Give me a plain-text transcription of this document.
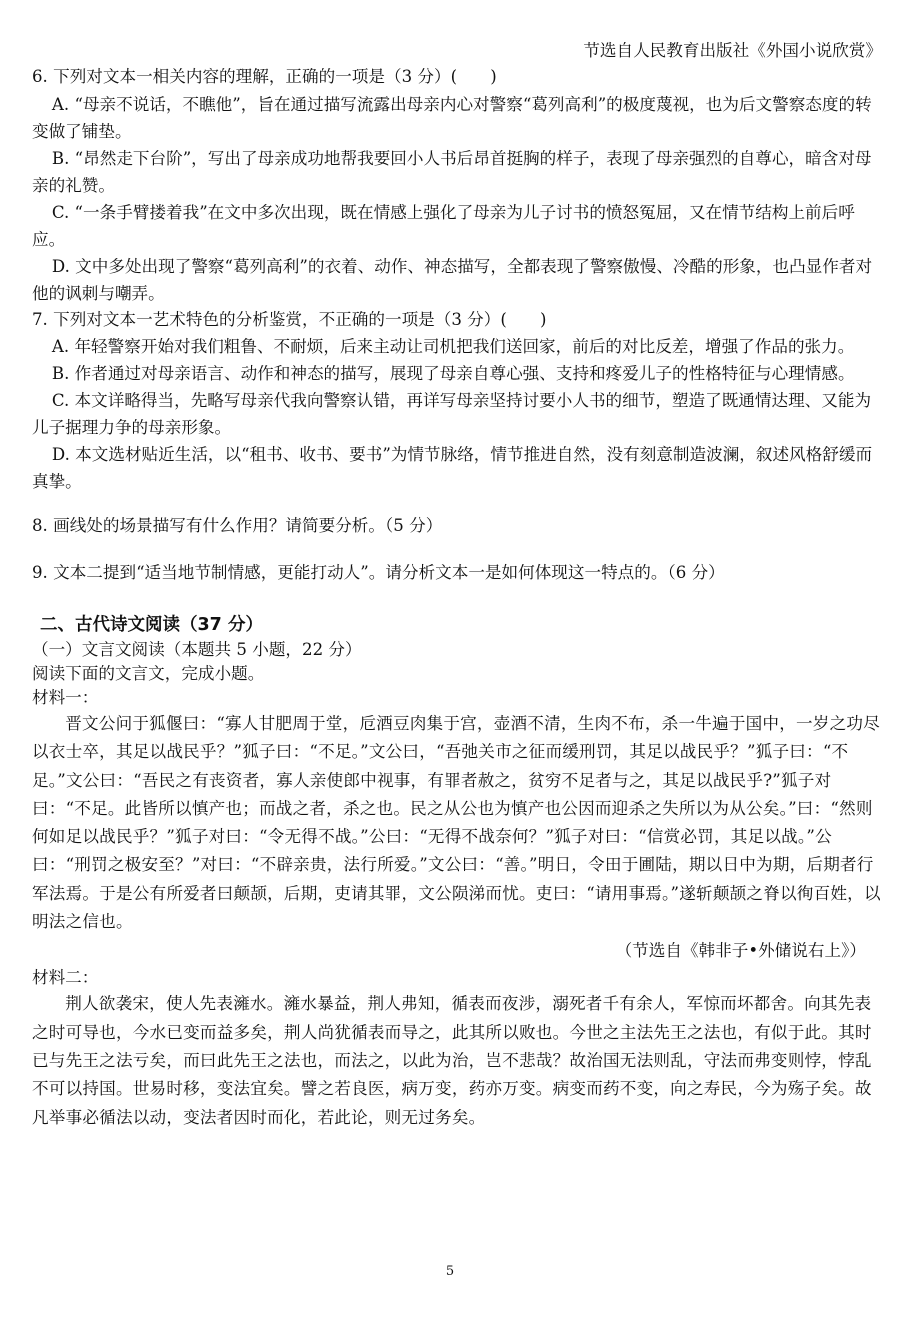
节选自人民教育出版社《外国小说欣赏》

6. 下列对文本一相关内容的理解，正确的一项是（3 分）(　　)

A. “母亲不说话，不瞧他”，旨在通过描写流露出母亲内心对警察“葛列高利”的极度蔑视，也为后文警察态度的转变做了铺垫。

B. “昂然走下台阶”，写出了母亲成功地帮我要回小人书后昂首挺胸的样子，表现了母亲强烈的自尊心，暗含对母亲的礼赞。

C. “一条手臂搂着我”在文中多次出现，既在情感上强化了母亲为儿子讨书的愤怒冤屈，又在情节结构上前后呼应。

D. 文中多处出现了警察“葛列高利”的衣着、动作、神态描写，全都表现了警察傲慢、冷酷的形象，也凸显作者对他的讽刺与嘲弄。

7. 下列对文本一艺术特色的分析鉴赏，不正确的一项是（3 分）(　　)

A. 年轻警察开始对我们粗鲁、不耐烦，后来主动让司机把我们送回家，前后的对比反差，增强了作品的张力。

B. 作者通过对母亲语言、动作和神态的描写，展现了母亲自尊心强、支持和疼爱儿子的性格特征与心理情感。

C. 本文详略得当，先略写母亲代我向警察认错，再详写母亲坚持讨要小人书的细节，塑造了既通情达理、又能为儿子据理力争的母亲形象。

D. 本文选材贴近生活，以“租书、收书、要书”为情节脉络，情节推进自然，没有刻意制造波澜，叙述风格舒缓而真挚。

8. 画线处的场景描写有什么作用？请简要分析。（5 分）

9. 文本二提到“适当地节制情感，更能打动人”。请分析文本一是如何体现这一特点的。（6 分）

二、古代诗文阅读（37 分）

（一）文言文阅读（本题共 5 小题，22 分）

阅读下面的文言文，完成小题。

材料一：

晋文公问于狐偃曰：“寡人甘肥周于堂，卮酒豆肉集于宫，壶酒不清，生肉不布，杀一牛遍于国中，一岁之功尽以衣士卒，其足以战民乎？”狐子曰：“不足。”文公曰，“吾弛关市之征而缓刑罚，其足以战民乎？”狐子曰：“不足。”文公曰：“吾民之有丧资者，寡人亲使郎中视事，有罪者赦之，贫穷不足者与之，其足以战民乎?”狐子对曰：“不足。此皆所以慎产也；而战之者，杀之也。民之从公也为慎产也公因而迎杀之失所以为从公矣。”曰：“然则何如足以战民乎？”狐子对曰：“令无得不战。”公曰：“无得不战奈何？”狐子对曰：“信赏必罚，其足以战。”公曰：“刑罚之极安至？”对曰：“不辟亲贵，法行所爱。”文公曰：“善。”明日，令田于圃陆，期以日中为期，后期者行军法焉。于是公有所爱者曰颠颉，后期，吏请其罪，文公陨涕而忧。吏曰：“请用事焉。”遂斩颠颉之脊以徇百姓，以明法之信也。

（节选自《韩非子•外储说右上》）

材料二：

荆人欲袭宋，使人先表澭水。澭水暴益，荆人弗知，循表而夜涉，溺死者千有余人，军惊而坏都舍。向其先表之时可导也，今水已变而益多矣，荆人尚犹循表而导之，此其所以败也。今世之主法先王之法也，有似于此。其时已与先王之法亏矣，而曰此先王之法也，而法之，以此为治，岂不悲哉？故治国无法则乱，守法而弗变则悖，悖乱不可以持国。世易时移，变法宜矣。譬之若良医，病万变，药亦万变。病变而药不变，向之寿民，今为殇子矣。故凡举事必循法以动，变法者因时而化，若此论，则无过务矣。

5
